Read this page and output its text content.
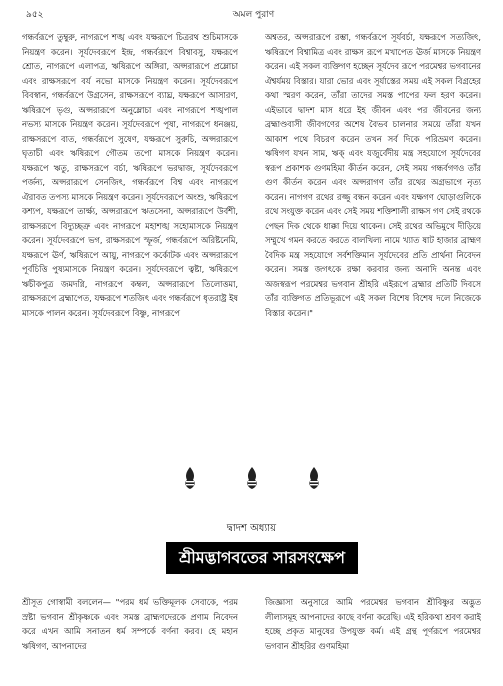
৯৫২	অমল পুরাণ

গন্ধর্বরূপে তুম্বুরু, নাগরূপে শঙ্খ এবং যক্ষরূপে চিত্ররথ শুচিমাসকে নিয়ন্ত্রণ করেন। সূর্যদেবরূপে ইন্দ্র, গন্ধর্বরূপে বিশ্বাবসু, যক্ষরূপে শ্রোত, নাগরূপে এলাপত্র, ঋষিরূপে অঙ্গিরা, অপ্সরারূপে প্রম্লোচা এবং রাক্ষসরূপে বর্য নভো মাসকে নিয়ন্ত্রণ করেন। সূর্যদেবরূপে বিবস্বান, গন্ধর্বরূপে উগ্রসেন, রাক্ষসরূপে ব্যাঘ্র, যক্ষরূপে আসারণ, ঋষিরূপে ভৃগু, অপ্সরারূপে অনুম্লোচা এবং নাগরূপে শঙ্খপাল নভস্য মাসকে নিয়ন্ত্রণ করেন। সূর্যদেবরূপে পূষা, নাগরূপে ধনঞ্জয়, রাক্ষসরূপে বাত, গন্ধর্বরূপে সুষেণ, যক্ষরূপে সুরুচি, অপ্সরারূপে ঘৃতাচী এবং ঋষিরূপে গৌতম তপো মাসকে নিয়ন্ত্রণ করেন। যক্ষরূপে ঋতু, রাক্ষসরূপে বর্চা, ঋষিরূপে ভরদ্বাজ, সূর্যদেবরূপে পর্জন্য, অপ্সরারূপে সেনজিৎ, গন্ধর্বরূপে বিশ্ব এবং নাগরূপে ঐরাবত তপস্য মাসকে নিয়ন্ত্রণ করেন। সূর্যদেবরূপে অংশু, ঋষিরূপে কশ্যপ, যক্ষরূপে তার্ক্ষ্য, অপ্সরারূপে ঋতসেনা, অপ্সরারূপে উর্বশী, রাক্ষসরূপে বিদ্যুচ্ছত্রু এবং নাগরূপে মহাশঙ্খ সহোমাসকে নিয়ন্ত্রণ করেন। সূর্যদেবরূপে ভগ, রাক্ষসরূপে স্ফূর্জ, গন্ধর্বরূপে অরিষ্টনেমি, যক্ষরূপে ঊর্ণ, ঋষিরূপে আয়ু, নাগরূপে কর্কোটক এবং অপ্সরারূপে পূর্বচিত্তি পুষ্যমাসকে নিয়ন্ত্রণ করেন। সূর্যদেবরূপে ত্বষ্টা, ঋষিরূপে ঋচীকপুত্র জমদগ্নি, নাগরূপে কম্বল, অপ্সরারূপে তিলোত্তমা, রাক্ষসরূপে ব্রহ্মাপেত, যক্ষরূপে শতজিৎ এবং গন্ধর্বরূপে ধৃতরাষ্ট্র ইষ মাসকে পালন করেন। সূর্যদেবরূপে বিষ্ণু, নাগরূপে

অশ্বতর, অপ্সরারূপে রম্ভা, গন্ধর্বরূপে সূর্যবর্চা, যক্ষরূপে সত্যজিৎ, ঋষিরূপে বিশ্বামিত্র এবং রাক্ষস রূপে মখাপেত ঊর্জ মাসকে নিয়ন্ত্রণ করেন। এই সকল ব্যক্তিগণ হচ্ছেন সূর্যদেব রূপে পরমেশ্বর ভগবানের ঐশ্বর্যময় বিস্তার। যারা ভোর এবং সূর্যাস্তের সময় এই সকল বিগ্রহের কথা স্মরণ করেন, তাঁরা তাদের সমস্ত পাপের ফল হরণ করেন। এইভাবে দ্বাদশ মাস ধরে ইহ জীবন এবং পর জীবনের জন্য ব্রহ্মাণ্ডবাসী জীবগণের অশেষ বৈভব চালনার সময়ে তাঁরা যখন আকাশ পথে বিচরণ করেন তখন সর্ব দিকে পরিভ্রমণ করেন। ঋষিগণ যখন সাম, ঋক্ এবং যজুর্বেদীয় মন্ত্র সহযোগে সূর্যদেবের স্বরূপ প্রকাশক গুণমহিমা কীর্তন করেন, সেই সময় গন্ধর্বগণও তাঁর গুণ কীর্তন করেন এবং অপ্সরাগণ তাঁর রথের অগ্রভাগে নৃত্য করেন। নাগগণ রথের রজ্জু বন্ধন করেন এবং যক্ষগণ ঘোড়াগুলিকে রথে সংযুক্ত করেন এবং সেই সময় শক্তিশালী রাক্ষস গণ সেই রথকে পেছন দিক থেকে ধাক্কা দিয়ে থাকেন। সেই রথের অভিমুখে দীড়িয়ে সম্মুখে গমন করতে করতে বালখিল্য নামে খ্যাত ষাট হাজার ব্রাহ্মণ বৈদিক মন্ত্র সহযোগে সর্বশক্তিমান সূর্যদেবের প্রতি প্রার্থনা নিবেদন করেন। সমস্ত জগৎকে রক্ষা করবার জন্য অনাদি অনন্ত এবং অজস্বরূপ পরমেশ্বর ভগবান শ্রীহরি এইরূপে ব্রহ্মার প্রতিটি দিবসে তাঁর ব্যক্তিগত প্রতিভূরূপে এই সকল বিশেষ বিশেষ দলে নিজেকে বিস্তার করেন।"

দ্বাদশ অধ্যায়
শ্রীমদ্ভাগবতের সারসংক্ষেপ

শ্রীসূত গোস্বামী বললেন— "পরম ধর্ম ভক্তিমূলক সেবাকে, পরম স্রষ্টা ভগবান শ্রীকৃষ্ণকে এবং সমস্ত ব্রাহ্মণদেরকে প্রণাম নিবেদন করে এখন আমি সনাতন ধর্ম সম্পর্কে বর্ণনা করব। হে মহান ঋষিগণ, আপনাদের

জিজ্ঞাসা অনুসারে আমি পরমেশ্বর ভগবান শ্রীবিষ্ণুর অদ্ভুত লীলাসমূহ আপনাদের কাছে বর্ণনা করেছি। এই হরিকথা শ্রবণ করাই হচ্ছে প্রকৃত মানুষের উপযুক্ত কর্ম। এই গ্রন্থ পূর্ণরূপে পরমেশ্বর ভগবান শ্রীহরির গুণমহিমা
